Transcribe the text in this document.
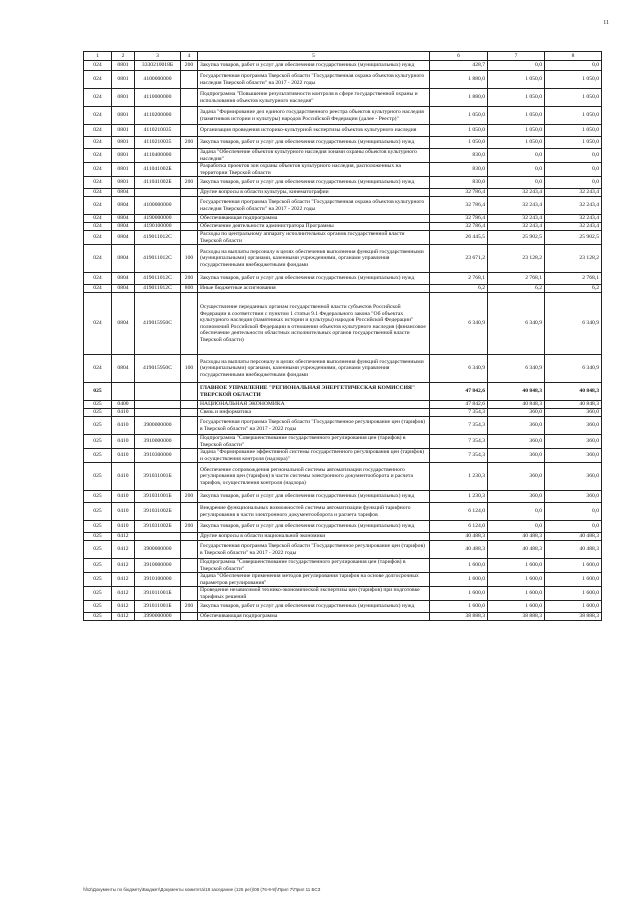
11
1	2	3	4	5	6	7	8
024	0801	3330210018Б	200	Закупка товаров, работ и услуг для обеспечения государственных (муниципальных) нужд	428,7	0,0	0,0
024	0801	4100000000		Государственная программа Тверской области "Государственная охрана объектов культурного наследия Тверской области" на 2017 - 2022 годы	1 880,0	1 050,0	1 050,0
024	0801	4110000000		Подпрограмма "Повышение результативности контроля в сфере государственной охраны и использования объектов культурного наследия"	1 880,0	1 050,0	1 050,0
024	0801	4110200000		Задача "Формирование дел единого государственного реестра объектов культурного наследия (памятников истории и культуры) народов Российской Федерации (далее - Реестр)"	1 050,0	1 050,0	1 050,0
024	0801	4110210035		Организация проведения историко-культурной экспертизы объектов культурного наследия	1 050,0	1 050,0	1 050,0
024	0801	4110210035	200	Закупка товаров, работ и услуг для обеспечения государственных (муниципальных) нужд	1 050,0	1 050,0	1 050,0
024	0801	4110400000		Задача "Обеспечение объектов культурного наследия зонами охраны объектов культурного наследия"	830,0	0,0	0,0
024	0801	411041002Б		Разработка проектов зон охраны объектов культурного наследия, расположенных на территории Тверской области	830,0	0,0	0,0
024	0801	411041002Б	200	Закупка товаров, работ и услуг для обеспечения государственных (муниципальных) нужд	830,0	0,0	0,0
024	0804			Другие вопросы в области культуры, кинематографии	32 786,4	32 243,4	32 243,4
024	0804	4100000000		Государственная программа Тверской области "Государственная охрана объектов культурного наследия Тверской области" на 2017 - 2022 годы	32 786,4	32 243,4	32 243,4
024	0804	4190000000		Обеспечивающая подпрограмма	32 786,4	32 243,4	32 243,4
024	0804	4190100000		Обеспечение деятельности администратора Программы	32 786,4	32 243,4	32 243,4
024	0804	419011012С		Расходы по центральному аппарату исполнительных органов государственной власти Тверской области	26 445,5	25 902,5	25 902,5
024	0804	419011012С	100	Расходы на выплаты персоналу в целях обеспечения выполнения функций государственными (муниципальными) органами, казенными учреждениями, органами управления государственными внебюджетными фондами	23 671,2	23 128,2	23 128,2
024	0804	419011012С	200	Закупка товаров, работ и услуг для обеспечения государственных (муниципальных) нужд	2 768,1	2 768,1	2 768,1
024	0804	419011012С	800	Иные бюджетные ассигнования	6,2	6,2	6,2
024	0804	419015950С		Осуществление переданных органам государственной власти субъектов Российской Федерации в соответствии с пунктом 1 статьи 9.1 Федерального закона "Об объектах культурного наследия (памятниках истории и культуры) народов Российской Федерации" полномочий Российской Федерации в отношении объектов культурного наследия (финансовое обеспечение деятельности областных исполнительных органов государственной власти Тверской области)	6 340,9	6 340,9	6 340,9
024	0804	419015950С	100	Расходы на выплаты персоналу в целях обеспечения выполнения функций государственными (муниципальными) органами, казенными учреждениями, органами управления государственными внебюджетными фондами	6 340,9	6 340,9	6 340,9
025				ГЛАВНОЕ УПРАВЛЕНИЕ "РЕГИОНАЛЬНАЯ ЭНЕРГЕТИЧЕСКАЯ КОМИССИЯ" ТВЕРСКОЙ ОБЛАСТИ	47 842,6	40 848,3	40 848,3
025	0400			НАЦИОНАЛЬНАЯ ЭКОНОМИКА	47 842,6	40 848,3	40 848,3
025	0410			Связь и информатика	7 354,3	360,0	360,0
025	0410	3900000000		Государственная программа Тверской области "Государственное регулирование цен (тарифов) в Тверской области" на 2017 - 2022 годы	7 354,3	360,0	360,0
025	0410	3910000000		Подпрограмма "Совершенствование государственного регулирования цен (тарифов) в Тверской области"	7 354,3	360,0	360,0
025	0410	3910300000		Задача "Формирование эффективной системы государственного регулирования цен (тарифов) и осуществления контроля (надзора)"	7 354,3	360,0	360,0
025	0410	391031001Б		Обеспечение сопровождения региональной системы автоматизации государственного регулирования цен (тарифов) в части системы электронного документооборота и расчета тарифов, осуществления контроля (надзора)	1 230,3	360,0	360,0
025	0410	391031001Б	200	Закупка товаров, работ и услуг для обеспечения государственных (муниципальных) нужд	1 230,3	360,0	360,0
025	0410	391031002Б		Внедрение функциональных возможностей системы автоматизации функций тарифного регулирования в части электронного документооборота и расчета тарифов	6 124,0	0,0	0,0
025	0410	391031002Б	200	Закупка товаров, работ и услуг для обеспечения государственных (муниципальных) нужд	6 124,0	0,0	0,0
025	0412			Другие вопросы в области национальной экономики	40 488,3	40 488,3	40 488,3
025	0412	3900000000		Государственная программа Тверской области "Государственное регулирование цен (тарифов) в Тверской области" на 2017 - 2022 годы	40 488,3	40 488,3	40 488,3
025	0412	3910000000		Подпрограмма "Совершенствование государственного регулирования цен (тарифов) в Тверской области"	1 600,0	1 600,0	1 600,0
025	0412	3910100000		Задача "Обеспечение применения методов регулирования тарифов на основе долгосрочных параметров регулирования"	1 600,0	1 600,0	1 600,0
025	0412	391011001Б		Проведение независимой технико-экономической экспертизы цен (тарифов) при подготовке тарифных решений	1 600,0	1 600,0	1 600,0
025	0412	391011001Б	200	Закупка товаров, работ и услуг для обеспечения государственных (муниципальных) нужд	1 600,0	1 600,0	1 600,0
025	0412	3990000000		Обеспечивающая подпрограмма	38 888,3	38 888,3	38 888,3
\\fs2\Документы по бюджету\Бюджет\Документы комитета\18 заседание (125 рег)\08 (76-9-9)\Прил 7\Прил 11 БСЗ
